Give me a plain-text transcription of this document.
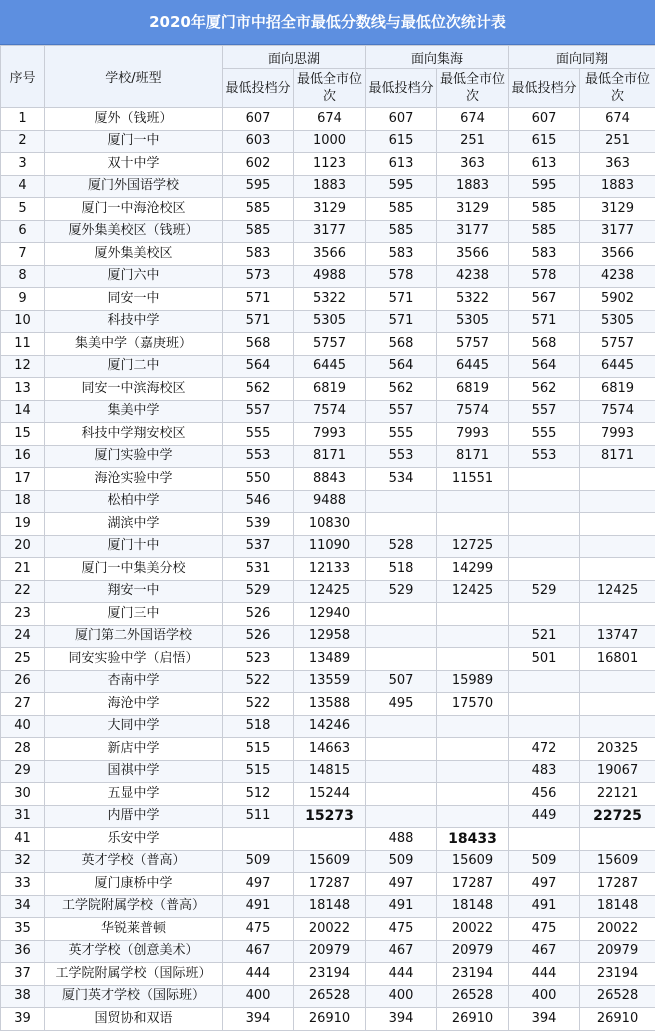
2020年厦门市中招全市最低分数线与最低位次统计表
序号	学校/班型	面向思湖		面向集海		面向同翔	
		最低投档分	最低全市位次	最低投档分	最低全市位次	最低投档分	最低全市位次
1	厦外（钱班）	607	674	607	674	607	674
2	厦门一中	603	1000	615	251	615	251
3	双十中学	602	1123	613	363	613	363
4	厦门外国语学校	595	1883	595	1883	595	1883
5	厦门一中海沧校区	585	3129	585	3129	585	3129
6	厦外集美校区（钱班）	585	3177	585	3177	585	3177
7	厦外集美校区	583	3566	583	3566	583	3566
8	厦门六中	573	4988	578	4238	578	4238
9	同安一中	571	5322	571	5322	567	5902
10	科技中学	571	5305	571	5305	571	5305
11	集美中学（嘉庚班）	568	5757	568	5757	568	5757
12	厦门二中	564	6445	564	6445	564	6445
13	同安一中滨海校区	562	6819	562	6819	562	6819
14	集美中学	557	7574	557	7574	557	7574
15	科技中学翔安校区	555	7993	555	7993	555	7993
16	厦门实验中学	553	8171	553	8171	553	8171
17	海沧实验中学	550	8843	534	11551		
18	松柏中学	546	9488				
19	湖滨中学	539	10830				
20	厦门十中	537	11090	528	12725		
21	厦门一中集美分校	531	12133	518	14299		
22	翔安一中	529	12425	529	12425	529	12425
23	厦门三中	526	12940				
24	厦门第二外国语学校	526	12958			521	13747
25	同安实验中学（启悟）	523	13489			501	16801
26	杏南中学	522	13559	507	15989		
27	海沧中学	522	13588	495	17570		
40	大同中学	518	14246				
28	新店中学	515	14663			472	20325
29	国祺中学	515	14815			483	19067
30	五显中学	512	15244			456	22121
31	内厝中学	511	15273			449	22725
41	乐安中学			488	18433		
32	英才学校（普高）	509	15609	509	15609	509	15609
33	厦门康桥中学	497	17287	497	17287	497	17287
34	工学院附属学校（普高）	491	18148	491	18148	491	18148
35	华锐莱普顿	475	20022	475	20022	475	20022
36	英才学校（创意美术）	467	20979	467	20979	467	20979
37	工学院附属学校（国际班）	444	23194	444	23194	444	23194
38	厦门英才学校（国际班）	400	26528	400	26528	400	26528
39	国贸协和双语	394	26910	394	26910	394	26910
